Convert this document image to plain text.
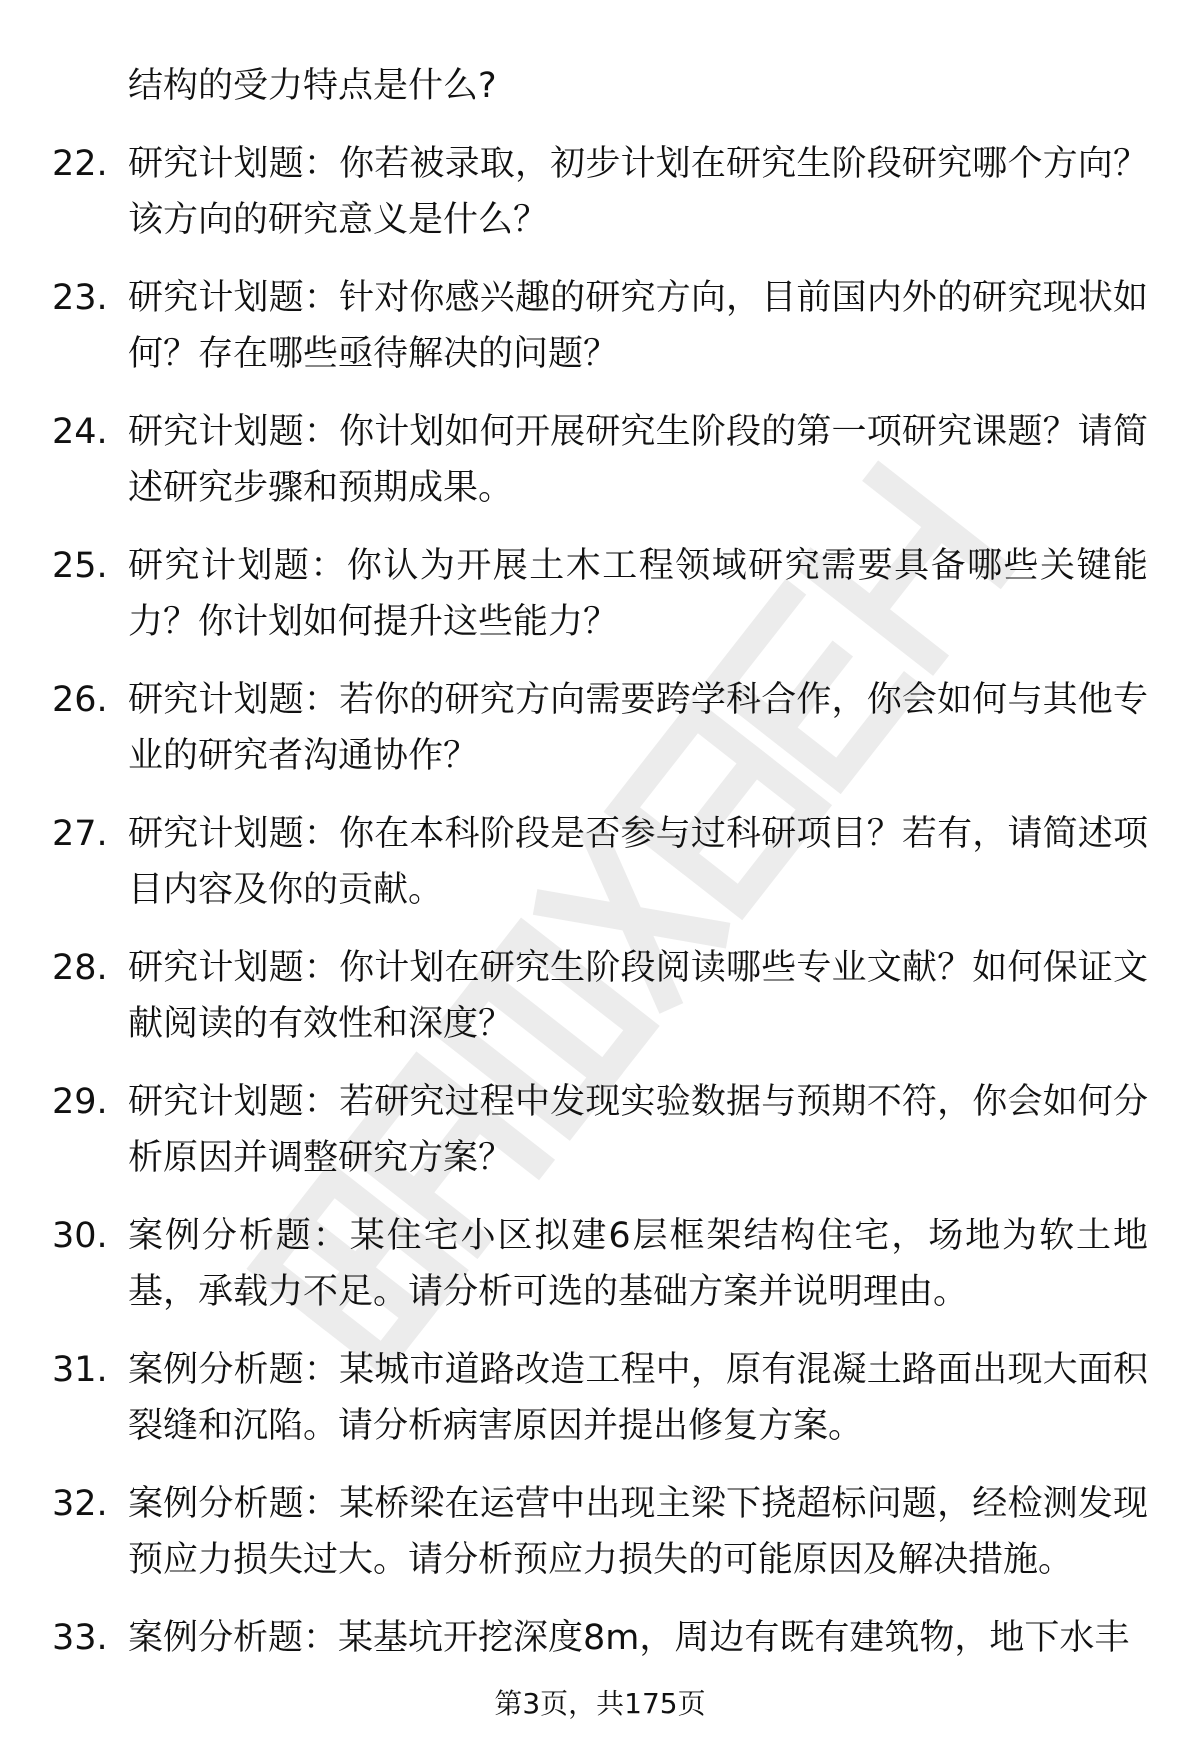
结构的受力特点是什么?
22. 研究计划题：你若被录取，初步计划在研究生阶段研究哪个方向？该方向的研究意义是什么？
23. 研究计划题：针对你感兴趣的研究方向，目前国内外的研究现状如何？存在哪些亟待解决的问题？
24. 研究计划题：你计划如何开展研究生阶段的第一项研究课题？请简述研究步骤和预期成果。
25. 研究计划题：你认为开展土木工程领域研究需要具备哪些关键能力？你计划如何提升这些能力？
26. 研究计划题：若你的研究方向需要跨学科合作，你会如何与其他专业的研究者沟通协作？
27. 研究计划题：你在本科阶段是否参与过科研项目？若有，请简述项目内容及你的贡献。
28. 研究计划题：你计划在研究生阶段阅读哪些专业文献？如何保证文献阅读的有效性和深度？
29. 研究计划题：若研究过程中发现实验数据与预期不符，你会如何分析原因并调整研究方案？
30. 案例分析题：某住宅小区拟建6层框架结构住宅，场地为软土地基，承载力不足。请分析可选的基础方案并说明理由。
31. 案例分析题：某城市道路改造工程中，原有混凝土路面出现大面积裂缝和沉陷。请分析病害原因并提出修复方案。
32. 案例分析题：某桥梁在运营中出现主梁下挠超标问题，经检测发现预应力损失过大。请分析预应力损失的可能原因及解决措施。
33. 案例分析题：某基坑开挖深度8m，周边有既有建筑物，地下水丰
第3页，共175页
